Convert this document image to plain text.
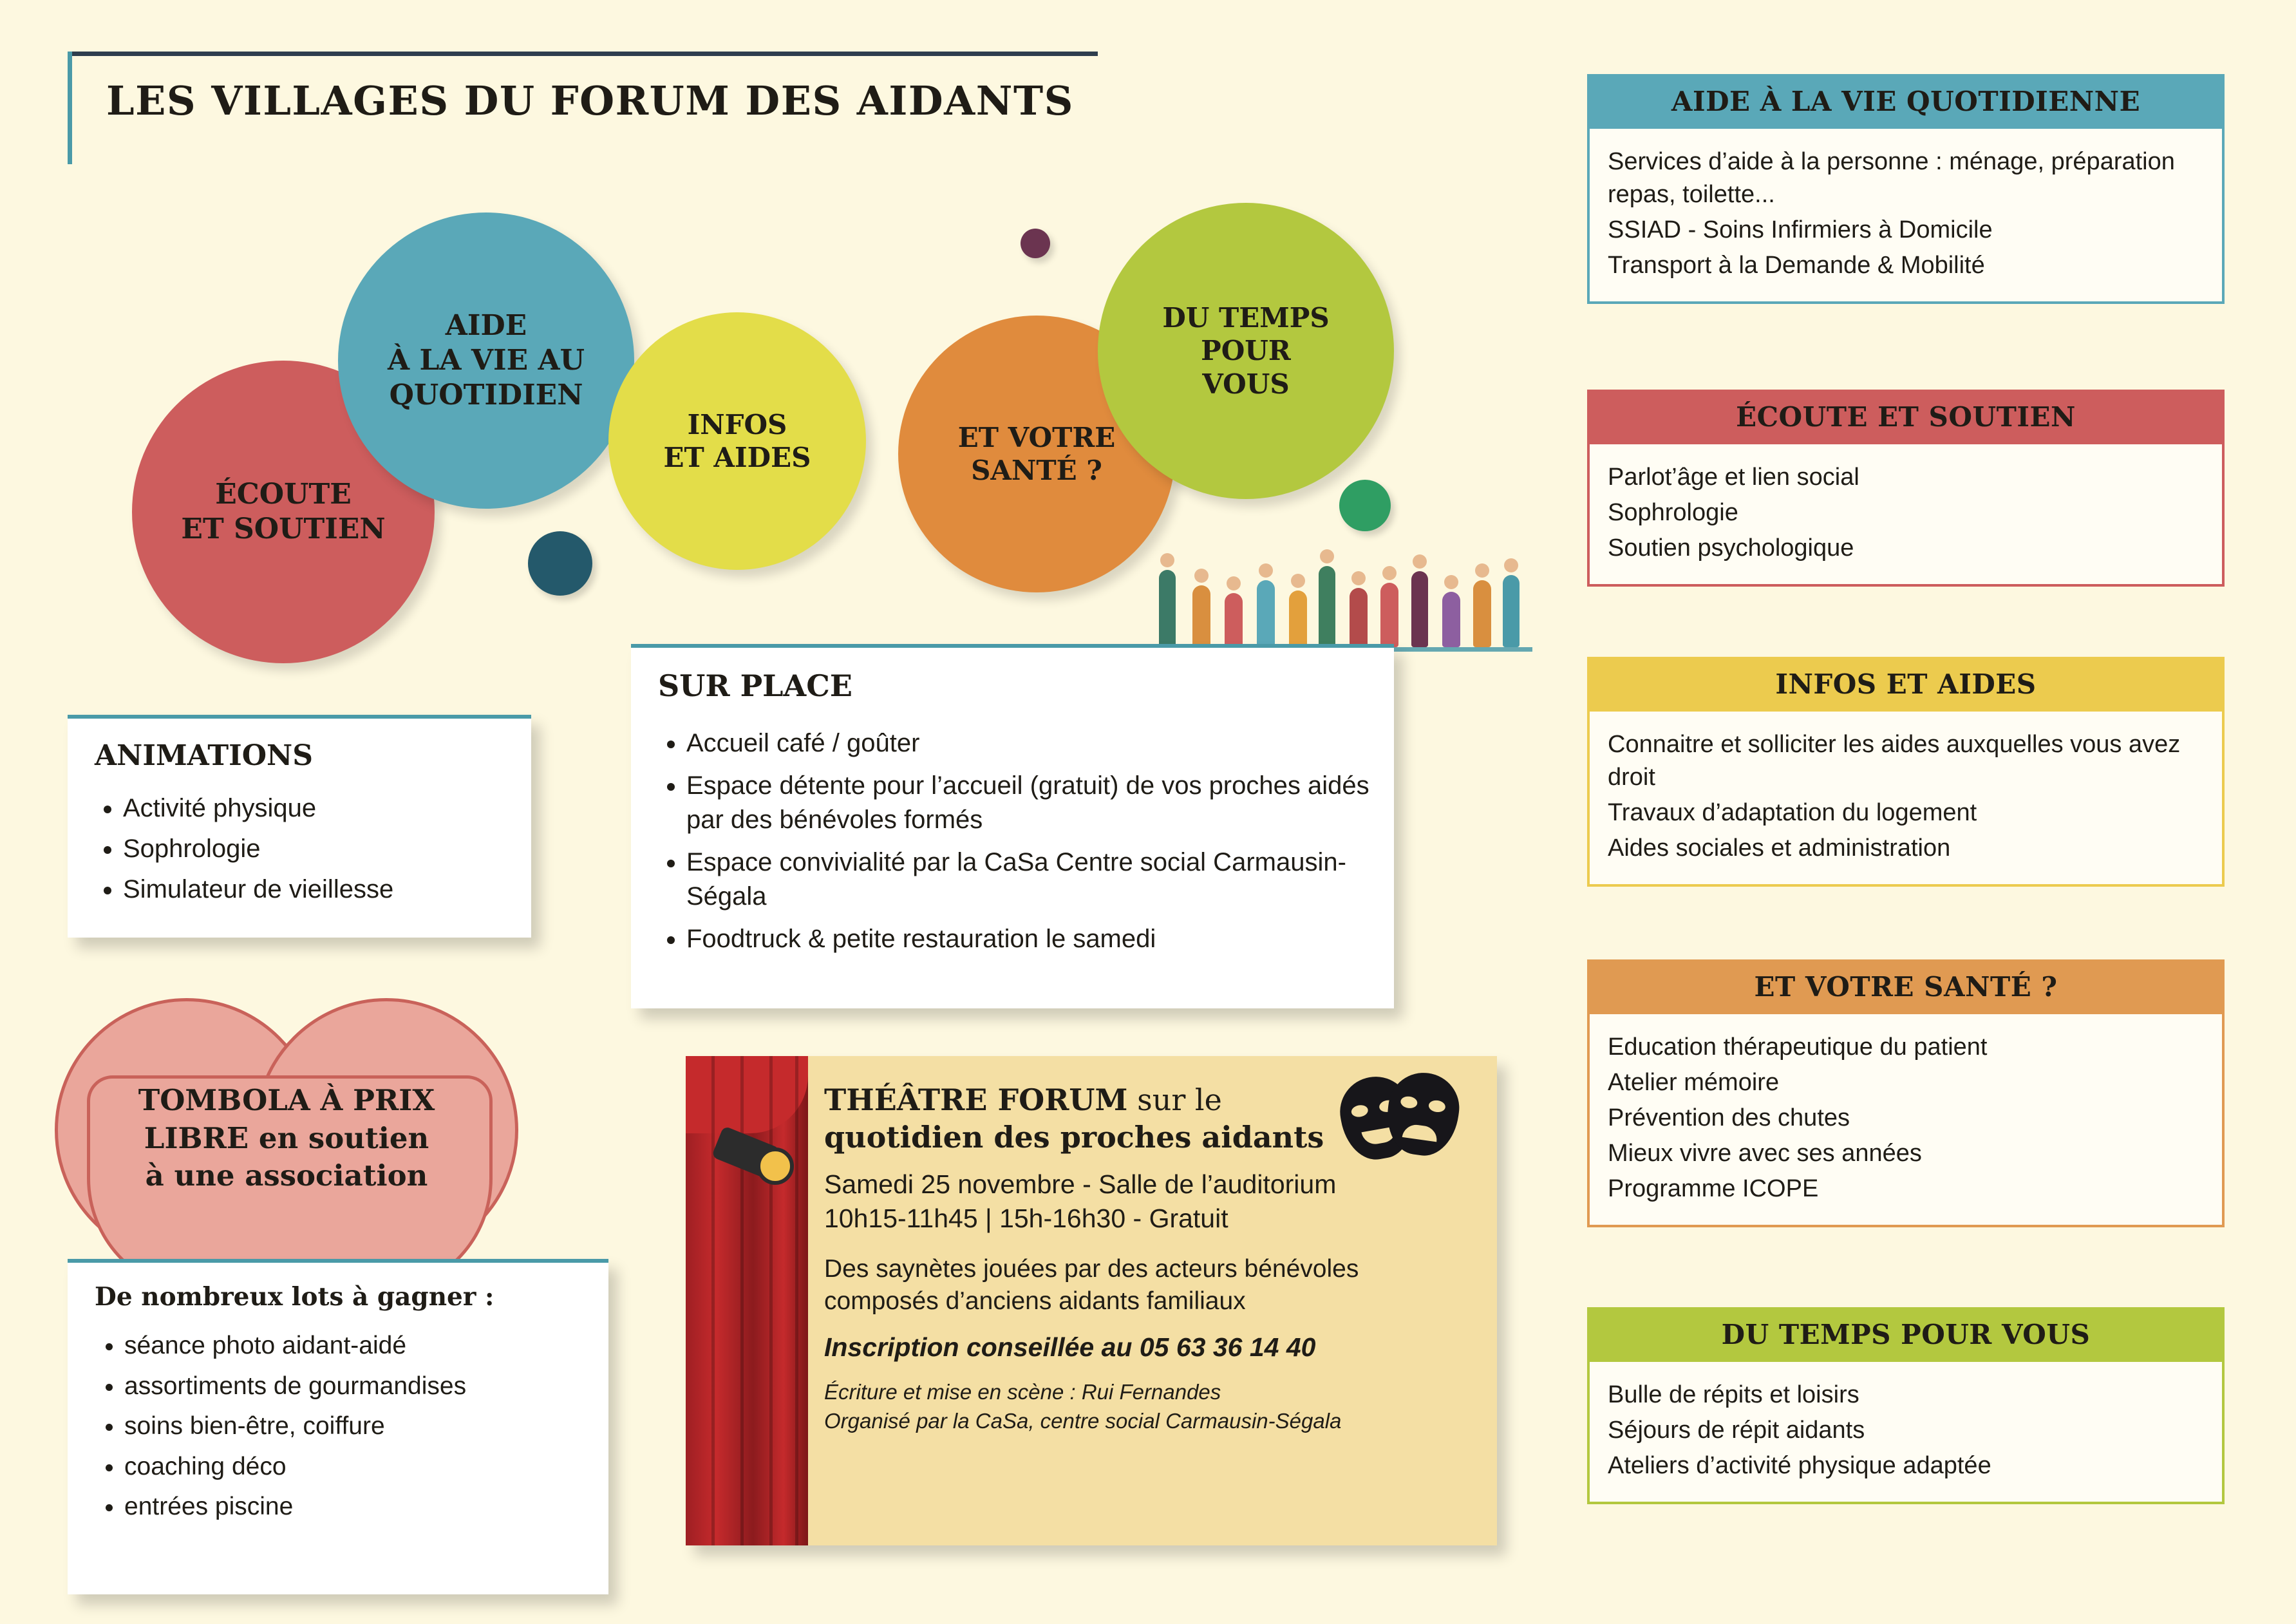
LES VILLAGES DU FORUM DES AIDANTS
ÉCOUTE
ET SOUTIEN
AIDE
À LA VIE AU
QUOTIDIEN
INFOS
ET AIDES
ET VOTRE
SANTÉ ?
DU TEMPS
POUR
VOUS
ANIMATIONS
• Activité physique
• Sophrologie
• Simulateur de vieillesse
SUR PLACE
• Accueil café / goûter
• Espace détente pour l’accueil (gratuit) de vos proches aidés par des bénévoles formés
• Espace convivialité par la CaSa Centre social Carmausin-Ségala
• Foodtruck & petite restauration le samedi
TOMBOLA À PRIX
LIBRE en soutien
à une association
De nombreux lots à gagner :
• séance photo aidant-aidé
• assortiments de gourmandises
• soins bien-être, coiffure
• coaching déco
• entrées piscine
THÉÂTRE FORUM sur le
quotidien des proches aidants
Samedi 25 novembre - Salle de l’auditorium
10h15-11h45 | 15h-16h30 - Gratuit
Des saynètes jouées par des acteurs bénévoles composés d’anciens aidants familiaux
Inscription conseillée au 05 63 36 14 40
Écriture et mise en scène : Rui Fernandes
Organisé par la CaSa, centre social Carmausin-Ségala
AIDE À LA VIE QUOTIDIENNE
Services d’aide à la personne : ménage, préparation repas, toilette...
SSIAD - Soins Infirmiers à Domicile
Transport à la Demande & Mobilité
ÉCOUTE ET SOUTIEN
Parlot’âge et lien social
Sophrologie
Soutien psychologique
INFOS ET AIDES
Connaitre et solliciter les aides auxquelles vous avez droit
Travaux d’adaptation du logement
Aides sociales et administration
ET VOTRE SANTÉ ?
Education thérapeutique du patient
Atelier mémoire
Prévention des chutes
Mieux vivre avec ses années
Programme ICOPE
DU TEMPS POUR VOUS
Bulle de répits et loisirs
Séjours de répit aidants
Ateliers d’activité physique adaptée
